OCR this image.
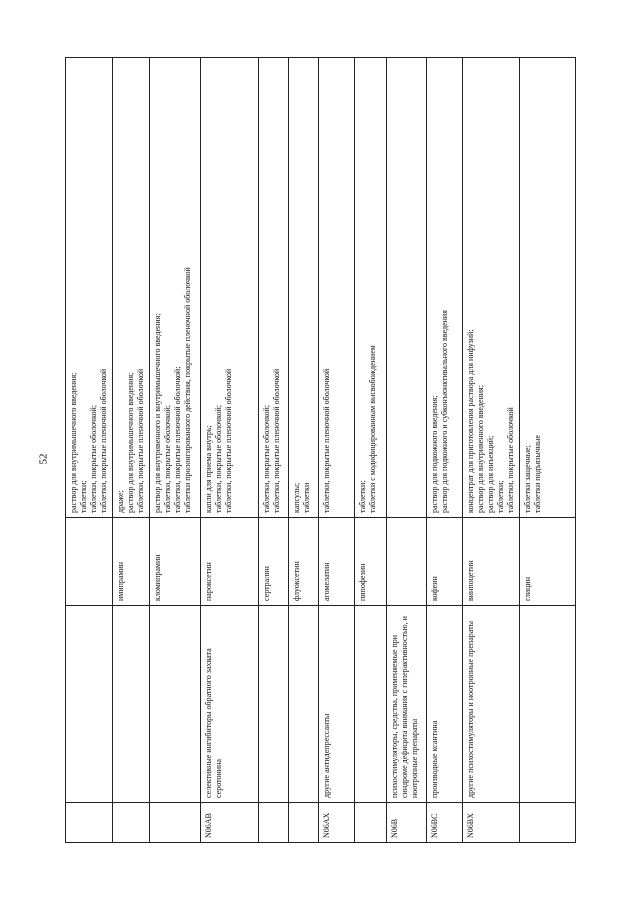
52

			раствор для внутримышечного введения; таблетки; таблетки, покрытые оболочкой; таблетки, покрытые пленочной оболочкой

		имипрамин	драже; раствор для внутримышечного введения; таблетки, покрытые пленочной оболочкой

		кломипрамин	раствор для внутривенного и внутримышечного введения; таблетки, покрытые оболочкой; таблетки, покрытые пленочной оболочкой; таблетки пролонгированного действия, покрытые пленочной оболочкой

N06AB	селективные ингибиторы обратного захвата серотонина	пароксетин	капли для приема внутрь; таблетки, покрытые оболочкой; таблетки, покрытые пленочной оболочкой

		сертралин	таблетки, покрытые оболочкой; таблетки, покрытые пленочной оболочкой

		флуоксетин	капсулы; таблетки

N06AX	другие антидепрессанты	агомелатин	таблетки, покрытые пленочной оболочкой

		пипофезин	таблетки; таблетки с модифицированным высвобождением

N06B	психостимуляторы, средства, применяемые при синдроме дефицита внимания с гиперактивностью, и ноотропные препараты		
N06BC	производные ксантина	кофеин	раствор для подкожного введения; раствор для подкожного и субконъюнктивального введения

N06BX	другие психостимуляторы и ноотропные препараты	винпоцетин	концентрат для приготовления раствора для инфузий; раствор для внутривенного введения; раствор для инъекций; таблетки; таблетки, покрытые оболочкой

		глицин	таблетки защечные; таблетки подъязычные
